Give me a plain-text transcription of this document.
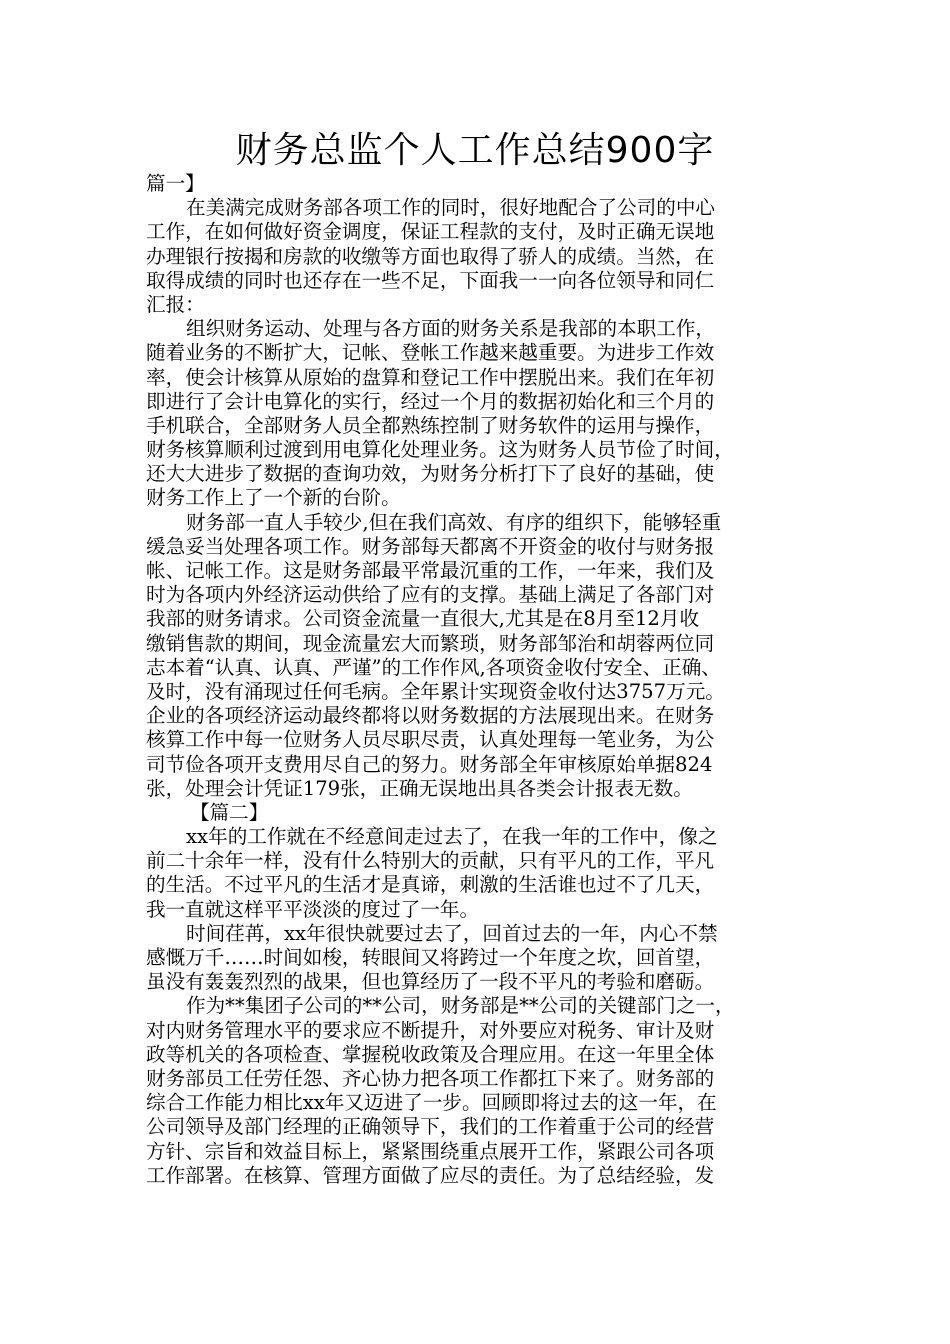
财务总监个人工作总结900字
篇一】
在美满完成财务部各项工作的同时，很好地配合了公司的中心
工作，在如何做好资金调度，保证工程款的支付，及时正确无误地
办理银行按揭和房款的收缴等方面也取得了骄人的成绩。当然，在
取得成绩的同时也还存在一些不足，下面我一一向各位领导和同仁
汇报：
组织财务运动、处理与各方面的财务关系是我部的本职工作，
随着业务的不断扩大，记帐、登帐工作越来越重要。为进步工作效
率，使会计核算从原始的盘算和登记工作中摆脱出来。我们在年初
即进行了会计电算化的实行，经过一个月的数据初始化和三个月的
手机联合，全部财务人员全都熟练控制了财务软件的运用与操作，
财务核算顺利过渡到用电算化处理业务。这为财务人员节俭了时间，
还大大进步了数据的查询功效，为财务分析打下了良好的基础，使
财务工作上了一个新的台阶。
财务部一直人手较少,但在我们高效、有序的组织下，能够轻重
缓急妥当处理各项工作。财务部每天都离不开资金的收付与财务报
帐、记帐工作。这是财务部最平常最沉重的工作，一年来，我们及
时为各项内外经济运动供给了应有的支撑。基础上满足了各部门对
我部的财务请求。公司资金流量一直很大,尤其是在8月至12月收
缴销售款的期间，现金流量宏大而繁琐，财务部邹治和胡蓉两位同
志本着“认真、认真、严谨”的工作作风,各项资金收付安全、正确、
及时，没有涌现过任何毛病。全年累计实现资金收付达3757万元。
企业的各项经济运动最终都将以财务数据的方法展现出来。在财务
核算工作中每一位财务人员尽职尽责，认真处理每一笔业务，为公
司节俭各项开支费用尽自己的努力。财务部全年审核原始单据824
张，处理会计凭证179张，正确无误地出具各类会计报表无数。
【篇二】
xx年的工作就在不经意间走过去了，在我一年的工作中，像之
前二十余年一样，没有什么特别大的贡献，只有平凡的工作，平凡
的生活。不过平凡的生活才是真谛，刺激的生活谁也过不了几天，
我一直就这样平平淡淡的度过了一年。
时间荏苒，xx年很快就要过去了，回首过去的一年，内心不禁
感慨万千……时间如梭，转眼间又将跨过一个年度之坎，回首望，
虽没有轰轰烈烈的战果，但也算经历了一段不平凡的考验和磨砺。
作为**集团子公司的**公司，财务部是**公司的关键部门之一，
对内财务管理水平的要求应不断提升，对外要应对税务、审计及财
政等机关的各项检查、掌握税收政策及合理应用。在这一年里全体
财务部员工任劳任怨、齐心协力把各项工作都扛下来了。财务部的
综合工作能力相比xx年又迈进了一步。回顾即将过去的这一年，在
公司领导及部门经理的正确领导下，我们的工作着重于公司的经营
方针、宗旨和效益目标上，紧紧围绕重点展开工作，紧跟公司各项
工作部署。在核算、管理方面做了应尽的责任。为了总结经验，发
